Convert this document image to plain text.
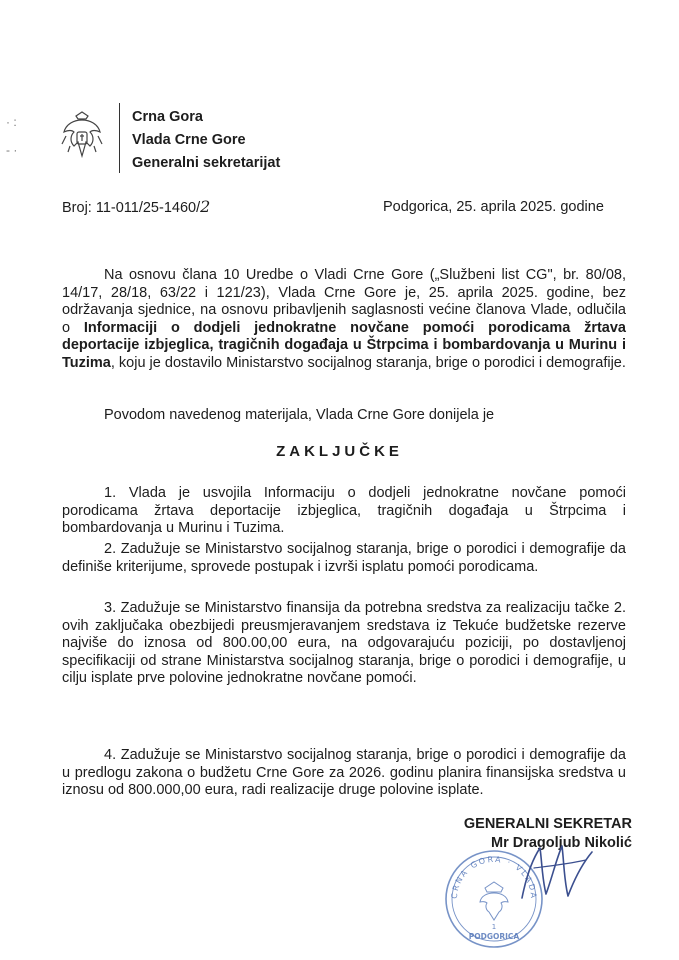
· :
- ·
Crna Gora
Vlada Crne Gore
Generalni sekretarijat
Broj: 11-011/25-1460/2	Podgorica, 25. aprila 2025. godine
Na osnovu člana 10 Uredbe o Vladi Crne Gore („Službeni list CG", br. 80/08, 14/17, 28/18, 63/22 i 121/23), Vlada Crne Gore je, 25. aprila 2025. godine, bez održavanja sjednice, na osnovu pribavljenih saglasnosti većine članova Vlade, odlučila o Informaciji o dodjeli jednokratne novčane pomoći porodicama žrtava deportacije izbjeglica, tragičnih događaja u Štrpcima i bombardovanja u Murinu i Tuzima, koju je dostavilo Ministarstvo socijalnog staranja, brige o porodici i demografije.
Povodom navedenog materijala, Vlada Crne Gore donijela je
ZAKLJUČKE
1. Vlada je usvojila Informaciju o dodjeli jednokratne novčane pomoći porodicama žrtava deportacije izbjeglica, tragičnih događaja u Štrpcima i bombardovanja u Murinu i Tuzima.
2. Zadužuje se Ministarstvo socijalnog staranja, brige o porodici i demografije da definiše kriterijume, sprovede postupak i izvrši isplatu pomoći porodicama.
3. Zadužuje se Ministarstvo finansija da potrebna sredstva za realizaciju tačke 2. ovih zaključaka obezbijedi preusmjeravanjem sredstava iz Tekuće budžetske rezerve najviše do iznosa od 800.00,00 eura, na odgovarajuću poziciji, po dostavljenoj specifikaciji od strane Ministarstva socijalnog staranja, brige o porodici i demografije, u cilju isplate prve polovine jednokratne novčane pomoći.
4. Zadužuje se Ministarstvo socijalnog staranja, brige o porodici i demografije da u predlogu zakona o budžetu Crne Gore za 2026. godinu planira finansijska sredstva u iznosu od 800.000,00 eura, radi realizacije druge polovine isplate.
GENERALNI SEKRETAR
Mr Dragoljub Nikolić
CRNA GORA · VLADA
1
PODGORICA
